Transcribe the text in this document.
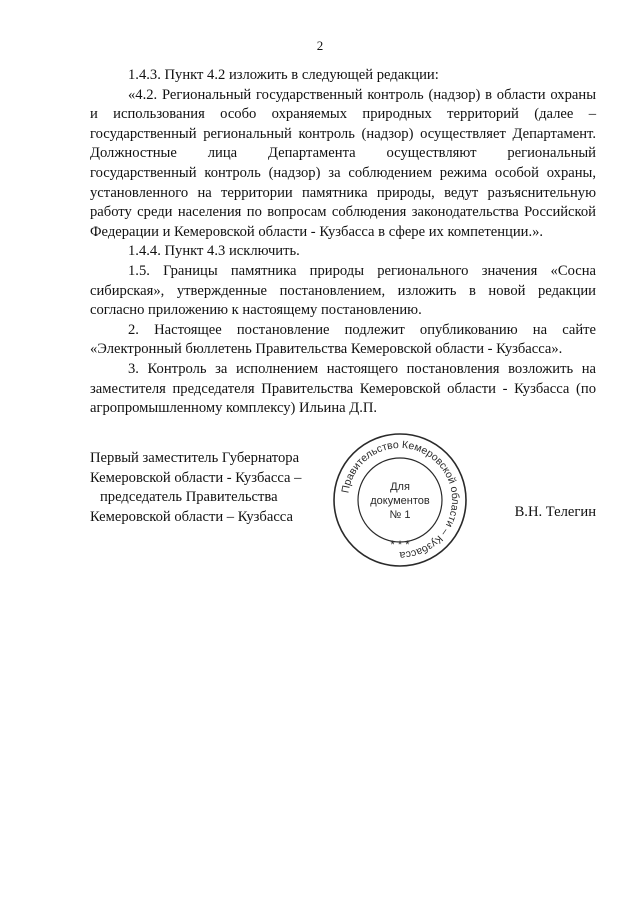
2

1.4.3. Пункт 4.2 изложить в следующей редакции:

«4.2. Региональный государственный контроль (надзор) в области охраны и использования особо охраняемых природных территорий (далее – государственный региональный контроль (надзор) осуществляет Департамент. Должностные лица Департамента осуществляют региональный государственный контроль (надзор) за соблюдением режима особой охраны, установленного на территории памятника природы, ведут разъяснительную работу среди населения по вопросам соблюдения законодательства Российской Федерации и Кемеровской области - Кузбасса в сфере их компетенции.».

1.4.4. Пункт 4.3 исключить.

1.5. Границы памятника природы регионального значения «Сосна сибирская», утвержденные постановлением, изложить в новой редакции согласно приложению к настоящему постановлению.

2. Настоящее постановление подлежит опубликованию на сайте «Электронный бюллетень Правительства Кемеровской области - Кузбасса».

3. Контроль за исполнением настоящего постановления возложить на заместителя председателя Правительства Кемеровской области - Кузбасса (по агропромышленному комплексу) Ильина Д.П.

Первый заместитель Губернатора
Кемеровской области - Кузбасса –
председатель Правительства
Кемеровской области – Кузбасса
Правительство Кемеровской области – Кузбасса
* * *
Для
документов
№ 1	В.Н. Телегин
